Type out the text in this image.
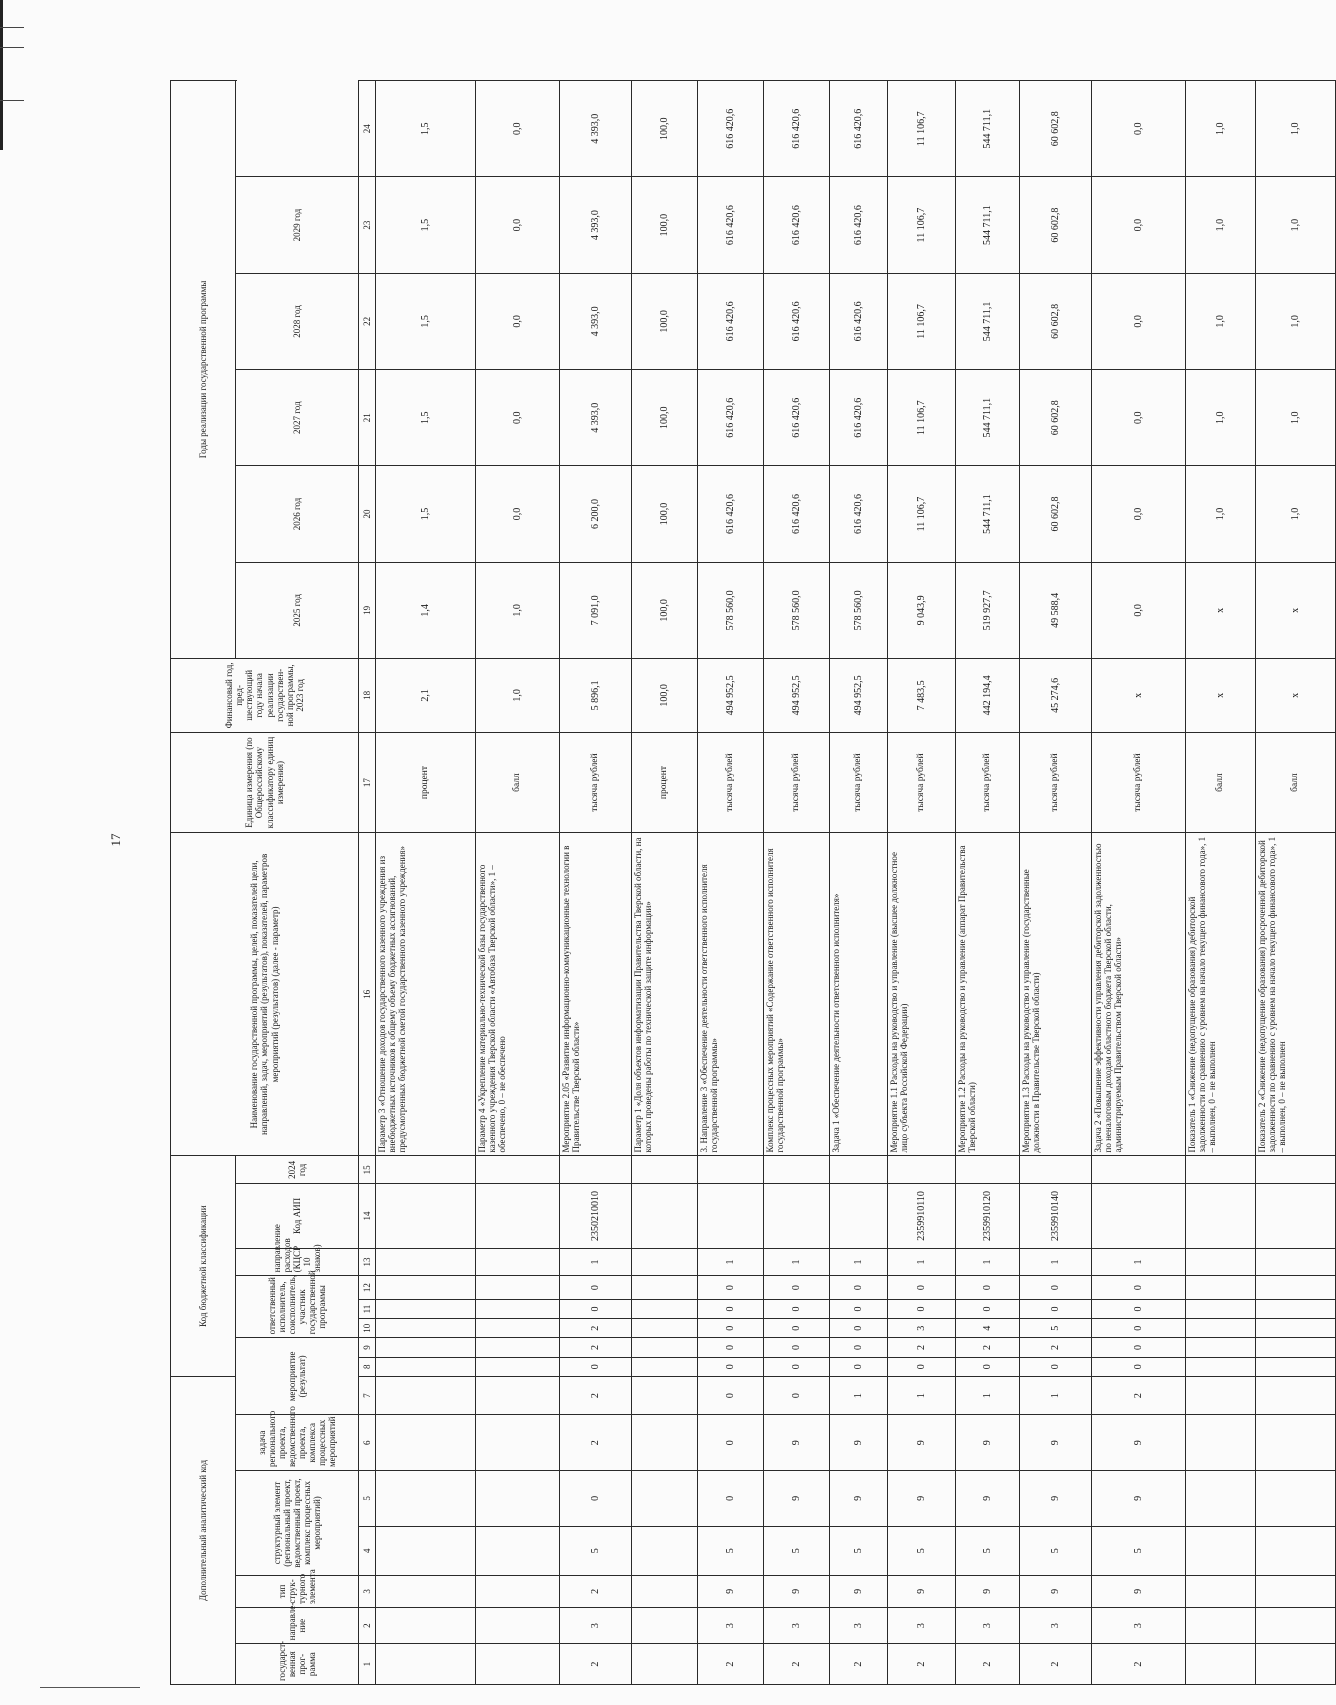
17
Дополнительный аналитический код							Код бюджетной классификации								Наименование государственной программы, целей, показателей цели, направлений, задач, мероприятий (результатов), показателей, параметров мероприятий (результатов) (далее - параметр)	Единица измерения (по Общероссийскому классификатору единиц измерения)	Финансовый год, пред-шествующий году начала реализации государствен-ной программы, 2023 год	Годы реализации государственной программы					
государст-венная прог-рамма	направле-ние	тип струк-турного элемента	структурный элемент (региональный проект, ведомственный проект, комплекс процессных мероприятий)		задача регионального проекта, ведомственного проекта, комплекса процессных мероприятий	мероприятие (результат)			ответственный исполнитель, соисполнитель, участник государственной программы			направление расходов (КЦСР 10 знаков)	Код АИП										
														2024 год				2025 год	2026 год	2027 год	2028 год	2029 год	
1	2	3	4	5	6	7	8	9	10	11	12	13	14	15	16	17	18	19	20	21	22	23	24
															Параметр 3 «Отношение доходов государственного казенного учреждения из внебюджетных источников к общему объему бюджетных ассигнований, предусмотренных бюджетной сметой государственного казенного учреждения»	процент	2,1	1,4	1,5	1,5	1,5	1,5	1,5
															Параметр 4 «Укрепление материально-технической базы государственного казенного учреждения Тверской области «Автобаза Тверской области», 1 – обеспечено, 0 – не обеспечено	балл	1,0	1,0	0,0	0,0	0,0	0,0	0,0
2	3	2	5	0	2	2	0	2	2	0	0	1	2350210010		Мероприятие 2.05 «Развитие информационно-коммуникационные технологии в Правительстве Тверской области»	тысяча рублей	5 896,1	7 091,0	6 200,0	4 393,0	4 393,0	4 393,0	4 393,0
															Параметр 1 «Доля объектов информатизации Правительства Тверской области, на которых проведены работы по технической защите информации»	процент	100,0	100,0	100,0	100,0	100,0	100,0	100,0
2	3	9	5	0	0	0	0	0	0	0	0	1			3. Направление 3 «Обеспечение деятельности ответственного исполнителя государственной программы»	тысяча рублей	494 952,5	578 560,0	616 420,6	616 420,6	616 420,6	616 420,6	616 420,6
2	3	9	5	9	9	0	0	0	0	0	0	1			Комплекс процессных мероприятий «Содержание ответственного исполнителя государственной программы»	тысяча рублей	494 952,5	578 560,0	616 420,6	616 420,6	616 420,6	616 420,6	616 420,6
2	3	9	5	9	9	1	0	0	0	0	0	1			Задача 1 «Обеспечение деятельности ответственного исполнителя»	тысяча рублей	494 952,5	578 560,0	616 420,6	616 420,6	616 420,6	616 420,6	616 420,6
2	3	9	5	9	9	1	0	2	3	0	0	1	2359910110		Мероприятие 1.1 Расходы на руководство и управление (высшее должностное лицо субъекта Российской Федерации)	тысяча рублей	7 483,5	9 043,9	11 106,7	11 106,7	11 106,7	11 106,7	11 106,7
2	3	9	5	9	9	1	0	2	4	0	0	1	2359910120		Мероприятие 1.2 Расходы на руководство и управление (аппарат Правительства Тверской области)	тысяча рублей	442 194,4	519 927,7	544 711,1	544 711,1	544 711,1	544 711,1	544 711,1
2	3	9	5	9	9	1	0	2	5	0	0	1	2359910140		Мероприятие 1.3 Расходы на руководство и управление (государственные должности в Правительстве Тверской области)	тысяча рублей	45 274,6	49 588,4	60 602,8	60 602,8	60 602,8	60 602,8	60 602,8
2	3	9	5	9	9	2	0	0	0	0	0	1			Задача 2 «Повышение эффективности управления дебиторской задолженностью по неналоговым доходам областного бюджета Тверской области, администрируемым Правительством Тверской области»	тысяча рублей	х	0,0	0,0	0,0	0,0	0,0	0,0
															Показатель 1 «Снижение (недопущение образования) дебиторской задолженности по сравнению с уровнем на начало текущего финансового года», 1 – выполнен, 0 – не выполнен	балл	х	х	1,0	1,0	1,0	1,0	1,0
															Показатель 2 «Снижение (недопущение образования) просроченной дебиторской задолженности по сравнению с уровнем на начало текущего финансового года», 1 – выполнен, 0 – не выполнен	балл	х	х	1,0	1,0	1,0	1,0	1,0
